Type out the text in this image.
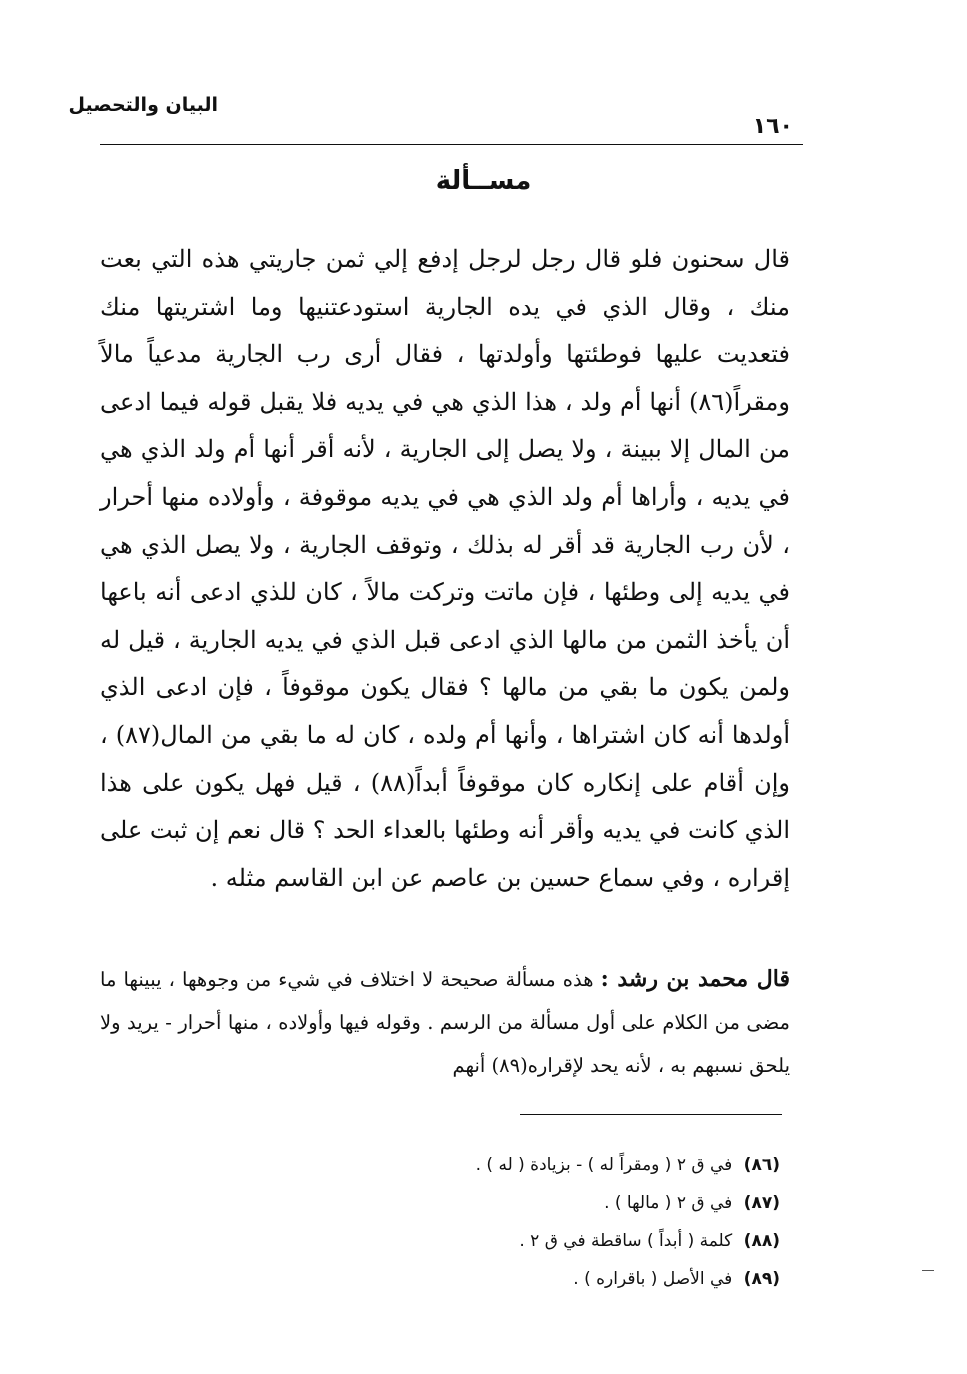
البيان والتحصيل
١٦٠
مســألة
قال سحنون فلو قال رجل لرجل إدفع إلي ثمن جاريتي هذه التي بعت منك ، وقال الذي في يده الجارية استودعتنيها وما اشتريتها منك فتعديت عليها فوطئتها وأولدتها ، فقال أرى رب الجارية مدعياً مالاً ومقراً(٨٦) أنها أم ولد ، هذا الذي هي في يديه فلا يقبل قوله فيما ادعى من المال إلا ببينة ، ولا يصل إلى الجارية ، لأنه أقر أنها أم ولد الذي هي في يديه ، وأراها أم ولد الذي هي في يديه موقوفة ، وأولاده منها أحرار ، لأن رب الجارية قد أقر له بذلك ، وتوقف الجارية ، ولا يصل الذي هي في يديه إلى وطئها ، فإن ماتت وتركت مالاً ، كان للذي ادعى أنه باعها أن يأخذ الثمن من مالها الذي ادعى قبل الذي في يديه الجارية ، قيل له ولمن يكون ما بقي من مالها ؟ فقال يكون موقوفاً ، فإن ادعى الذي أولدها أنه كان اشتراها ، وأنها أم ولده ، كان له ما بقي من المال(٨٧) ، وإن أقام على إنكاره كان موقوفاً أبداً(٨٨) ، قيل فهل يكون على هذا الذي كانت في يديه وأقر أنه وطئها بالعداء الحد ؟ قال نعم إن ثبت على إقراره ، وفي سماع حسين بن عاصم عن ابن القاسم مثله .
قال محمد بن رشد : هذه مسألة صحيحة لا اختلاف في شيء من وجوهها ، يبينها ما مضى من الكلام على أول مسألة من الرسم . وقوله فيها وأولاده ، منها أحرار - يريد ولا يلحق نسبهم به ، لأنه يحد لإقراره(٨٩) أنهم
(٨٦) في ق ٢ ( ومقراً له ) - بزيادة ( له ) .
(٨٧) في ق ٢ ( مالها ) .
(٨٨) كلمة ( أبداً ) ساقطة في ق ٢ .
(٨٩) في الأصل ( باقراره ) .
